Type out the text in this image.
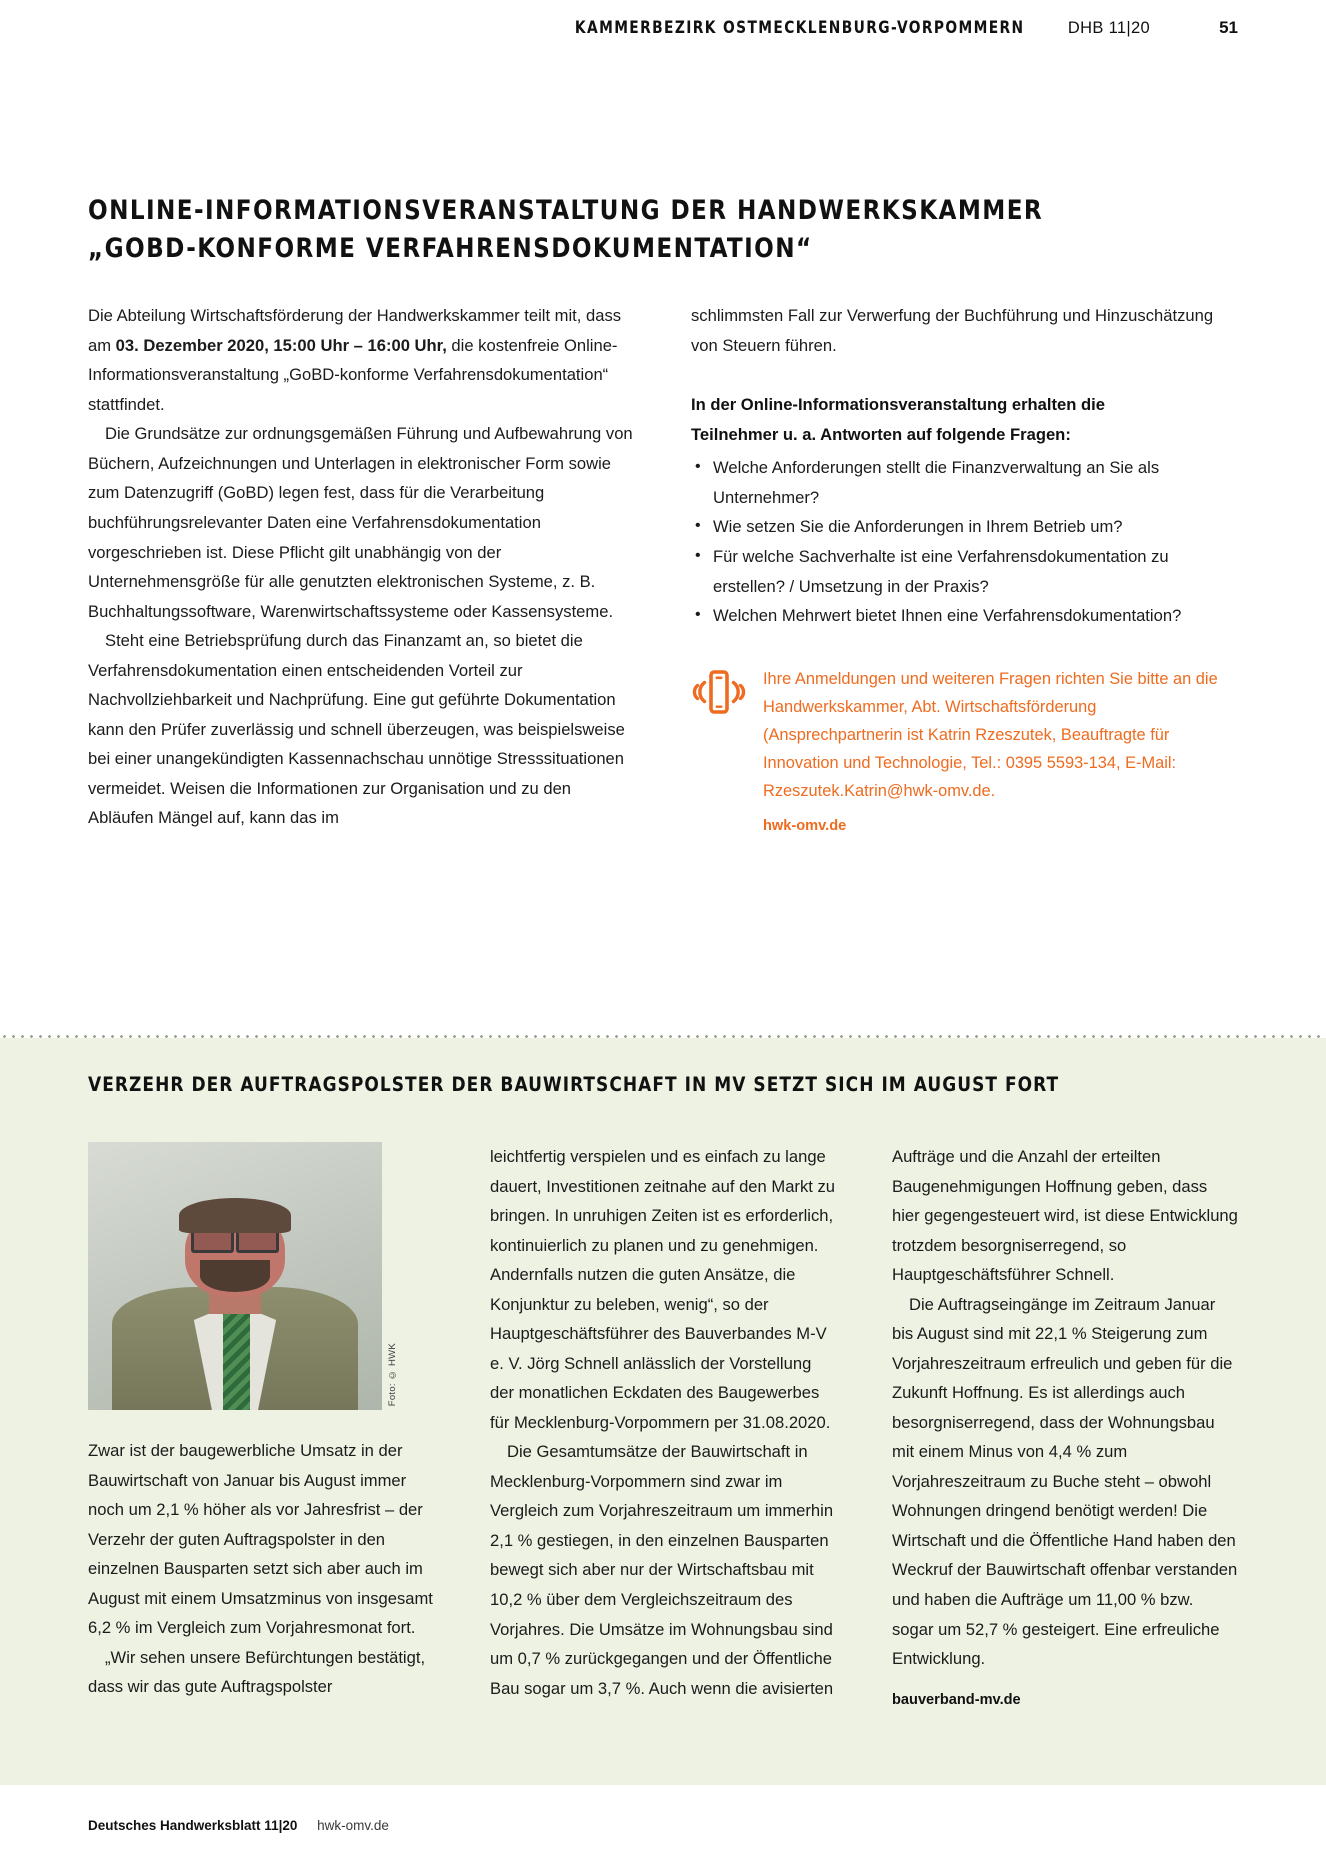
KAMMERBEZIRK OSTMECKLENBURG-VORPOMMERN	DHB 11|20	51
ONLINE-INFORMATIONSVERANSTALTUNG DER HANDWERKSKAMMER
„GOBD-KONFORME VERFAHRENSDOKUMENTATION“

Die Abteilung Wirtschaftsförderung der Handwerkskammer teilt mit, dass am 03. Dezember 2020, 15:00 Uhr – 16:00 Uhr, die kostenfreie Online-Informationsveranstaltung „GoBD-konforme Verfahrensdokumentation“ stattfindet.

Die Grundsätze zur ordnungsgemäßen Führung und Aufbewahrung von Büchern, Aufzeichnungen und Unterlagen in elektronischer Form sowie zum Datenzugriff (GoBD) legen fest, dass für die Verarbeitung buchführungsrelevanter Daten eine Verfahrensdokumentation vorgeschrieben ist. Diese Pflicht gilt unabhängig von der Unternehmensgröße für alle genutzten elektronischen Systeme, z. B. Buchhaltungssoftware, Warenwirtschaftssysteme oder Kassensysteme.

Steht eine Betriebsprüfung durch das Finanzamt an, so bietet die Verfahrensdokumentation einen entscheidenden Vorteil zur Nachvollziehbarkeit und Nachprüfung. Eine gut geführte Dokumentation kann den Prüfer zuverlässig und schnell überzeugen, was beispielsweise bei einer unangekündigten Kassennachschau unnötige Stresssituationen vermeidet. Weisen die Informationen zur Organisation und zu den Abläufen Mängel auf, kann das im

schlimmsten Fall zur Verwerfung der Buchführung und Hinzuschätzung von Steuern führen.

In der Online-Informationsveranstaltung erhalten die
Teilnehmer u. a. Antworten auf folgende Fragen:
• Welche Anforderungen stellt die Finanzverwaltung an Sie als Unternehmer?
• Wie setzen Sie die Anforderungen in Ihrem Betrieb um?
• Für welche Sachverhalte ist eine Verfahrensdokumentation zu erstellen? / Umsetzung in der Praxis?
• Welchen Mehrwert bietet Ihnen eine Verfahrensdokumentation?
Ihre Anmeldungen und weiteren Fragen richten Sie bitte an die Handwerkskammer, Abt. Wirtschaftsförderung (Ansprechpartnerin ist Katrin Rzeszutek, Beauftragte für Innovation und Technologie, Tel.: 0395 5593-134, E-Mail: Rzeszutek.Katrin@hwk-omv.de.
hwk-omv.de
VERZEHR DER AUFTRAGSPOLSTER DER BAUWIRTSCHAFT IN MV SETZT SICH IM AUGUST FORT
Foto: © HWK

Zwar ist der baugewerbliche Umsatz in der Bauwirtschaft von Januar bis August immer noch um 2,1 % höher als vor Jahresfrist – der Verzehr der guten Auftragspolster in den einzelnen Bausparten setzt sich aber auch im August mit einem Umsatzminus von insgesamt 6,2 % im Vergleich zum Vorjahresmonat fort.

„Wir sehen unsere Befürchtungen bestätigt, dass wir das gute Auftragspolster

leichtfertig verspielen und es einfach zu lange dauert, Investitionen zeitnahe auf den Markt zu bringen. In unruhigen Zeiten ist es erforderlich, kontinuierlich zu planen und zu genehmigen. Andernfalls nutzen die guten Ansätze, die Konjunktur zu beleben, wenig“, so der Hauptgeschäftsführer des Bauverbandes M-V e. V. Jörg Schnell anlässlich der Vorstellung der monatlichen Eckdaten des Baugewerbes für Mecklenburg-Vorpommern per 31.08.2020.

Die Gesamtumsätze der Bauwirtschaft in Mecklenburg-Vorpommern sind zwar im Vergleich zum Vorjahreszeitraum um immerhin 2,1 % gestiegen, in den einzelnen Bausparten bewegt sich aber nur der Wirtschaftsbau mit 10,2 % über dem Vergleichszeitraum des Vorjahres. Die Umsätze im Wohnungsbau sind um 0,7 % zurückgegangen und der Öffentliche Bau sogar um 3,7 %. Auch wenn die avisierten

Aufträge und die Anzahl der erteilten Baugenehmigungen Hoffnung geben, dass hier gegengesteuert wird, ist diese Entwicklung trotzdem besorgniserregend, so Hauptgeschäftsführer Schnell.

Die Auftragseingänge im Zeitraum Januar bis August sind mit 22,1 % Steigerung zum Vorjahreszeitraum erfreulich und geben für die Zukunft Hoffnung. Es ist allerdings auch besorgniserregend, dass der Wohnungsbau mit einem Minus von 4,4 % zum Vorjahreszeitraum zu Buche steht – obwohl Wohnungen dringend benötigt werden! Die Wirtschaft und die Öffentliche Hand haben den Weckruf der Bauwirtschaft offenbar verstanden und haben die Aufträge um 11,00 % bzw. sogar um 52,7 % gesteigert. Eine erfreuliche Entwicklung.

bauverband-mv.de
Deutsches Handwerksblatt 11|20 hwk-omv.de
